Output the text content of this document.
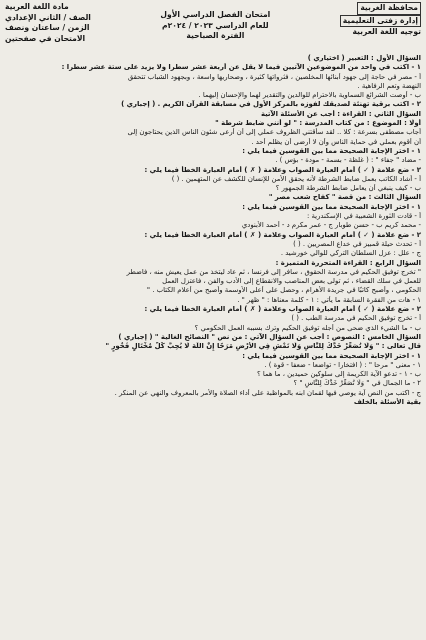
محافظة الغربية
إدارة زفتى التعليمية
توجيه اللغة العربية
امتحان الفصل الدراسي الأول
للعام الدراسي ٢٠٢٣ / ٢٠٢٤م
الفترة الصباحية
مادة اللغة العربية
الصف / الثاني الإعدادي
الزمن / ساعتان ونصف
الامتحان في صفحتين
السؤال الأول : التعبير ( اختياري )
١ - اكتب في واحد من الموضوعين الآتيين فيما لا يقل عن أربعة عشر سطرا ولا يزيد على ستة عشر سطرا :
أ - مصر في حاجة إلى جهود أبنائها المخلصين ، فثرواتها كثيرة ، وصحاريها واسعة ، وبجهود الشباب تتحقق
النهضة وتعم الرفاهية .
ب - أوصت الشرائع السماوية بالاحترام للوالدين والتقدير لهما والإحسان إليهما .
٢ - اكتب برقية تهنئة لصديقك لفوزه بالمركز الأول في مسابقة القرآن الكريم . ( إجباري )
السؤال الثاني : القراءة : أجب عن الأسئلة الآتية
أولًا : الموضوع : من كتاب المدرسة : " لو أنني ضابط شرطة "
أجاب مصطفى بسرعة : كلا .. لقد سأقتني الظروف عملي إلى أن أرعى شئون الناس الذين يحتاجون إلى
أن أقوم بعملي في حماية الناس وأن لا أرضى أن يظلم أحد .
١ - اختر الإجابة الصحيحة مما بين القوسين فيما يلي :
- مضاد " جفاء " : ( غلظة - بسمة - مودة - بؤس ) .
٢ - ضع علامة ( ✓ ) أمام العبارة الصواب وعلامة ( ✗ ) أمام العبارة الخطأ فيما يلي :
أ - أشاد الكاتب بعمل ضابط الشرطة لأنه يحقق الأمن للإنسان للكشف عن المتهمين . ( )
ب - كيف ينبغي أن يعامل ضابط الشرطة الجمهور ؟
السؤال الثالث : من قصة " كفاح شعب مصر "
١ - اختر الإجابة الصحيحة مما بين القوسين فيما يلي :
أ - قادت الثورة الشعبية في الإسكندرية :
- محمد كريم ب - حسن طوبار ج - عمر مكرم د - أحمد الأبنودي
٢ - ضع علامة ( ✓ ) أمام العبارة الصواب وعلامة ( ✗ ) أمام العبارة الخطأ فيما يلي :
أ - تحدث حيلة قمبيز في خداع المصريين . ( )
ج - علل : عزل السلطان التركي للوالي خورشيد .
السؤال الرابع : القراءة المتحررة المتميزة :
" تخرج توفيق الحكيم في مدرسة الحقوق ، سافر إلى فرنسا ، ثم عاد ليتخذ من عمل يعيش منه ، فاضطر
للعمل في سلك القضاء ، ثم تولى بعض المناصب والانقطاع إلى الأدب والفن ، فاعتزل العمل
الحكومي ، وأصبح كاتبًا في جريدة الأهرام ، وحصل على أعلى الأوسمة وأصبح من أعلام الكتاب . "
١ - هات من الفقرة السابقة ما يأتي : ١ - كلمة معناها : " ظهر " .
٢ - ضع علامة ( ✓ ) أمام العبارة الصواب وعلامة ( ✗ ) أمام العبارة الخطأ فيما يلي :
أ - تخرج توفيق الحكيم في مدرسة الطب . ( )
ب - ما الشيء الذي ضحى من أجله توفيق الحكيم وترك بسببه العمل الحكومي ؟
السؤال الخامس : النصوص : أجب عن السؤال الآتي : من نص " النصائح الغالية " ( إجباري )
قال تعالى : " وَلَا تُصَعِّرْ خَدَّكَ لِلنَّاسِ وَلَا تَمْشِ فِي الْأَرْضِ مَرَحًا إِنَّ اللَّهَ لَا يُحِبُّ كُلَّ مُخْتَالٍ فَخُورٍ "
١ - اختر الإجابة الصحيحة مما بين القوسين فيما يلي :
١ - معنى " مرحا " : ( افتخارا - تواضعا - ضعفا - قوة ) .
ب - ١ - تدعو الآية الكريمة إلى سلوكين حميدين ، ما هما ؟
٢ - ما الجمال في " وَلَا تُصَعِّرْ خَدَّكَ لِلنَّاسِ " ؟
ج - اكتب من النص آية يوصي فيها لقمان ابنه بالمواظبة على أداء الصلاة والأمر بالمعروف والنهي عن المنكر .
بقية الأسئلة بالخلف
